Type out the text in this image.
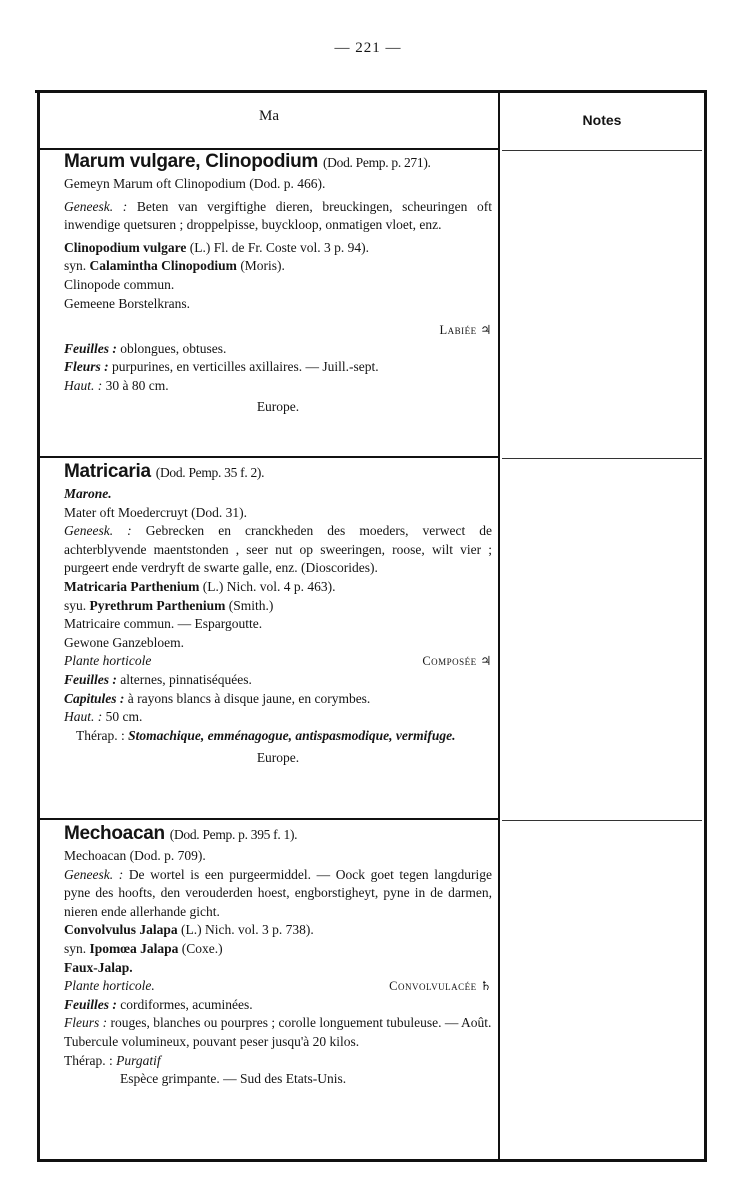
— 221 —
Ma	Notes

Marum vulgare, Clinopodium (Dod. Pemp. p. 271).

Gemeyn Marum oft Clinopodium (Dod. p. 466).

Geneesk. : Beten van vergiftighe dieren, breuckingen, scheuringen oft inwendige quetsuren ; droppelpisse, buyckloop, onmatigen vloet, enz.

Clinopodium vulgare (L.) Fl. de Fr. Coste vol. 3 p. 94).

syn. Calamintha Clinopodium (Moris).

Clinopode commun.

Gemeene Borstelkrans.

Labiée ♃

Feuilles : oblongues, obtuses.

Fleurs : purpurines, en verticilles axillaires. — Juill.-sept.

Haut. : 30 à 80 cm.

Europe.

Matricaria (Dod. Pemp. 35 f. 2).

Marone.

Mater oft Moedercruyt (Dod. 31).

Geneesk. : Gebrecken en cranckheden des moeders, verwect de achterblyvende maentstonden , seer nut op sweeringen, roose, wilt vier ; purgeert ende verdryft de swarte galle, enz. (Dioscorides).

Matricaria Parthenium (L.) Nich. vol. 4 p. 463).

syu. Pyrethrum Parthenium (Smith.)

Matricaire commun. — Espargoutte.

Gewone Ganzebloem.

Plante horticole	Composée ♃

Feuilles : alternes, pinnatiséquées.

Capitules : à rayons blancs à disque jaune, en corymbes.

Haut. : 50 cm.

Thérap. : Stomachique, emménagogue, antispasmodique, vermifuge.

Europe.

Mechoacan (Dod. Pemp. p. 395 f. 1).

Mechoacan (Dod. p. 709).

Geneesk. : De wortel is een purgeermiddel. — Oock goet tegen langdurige pyne des hoofts, den verouderden hoest, engborstigheyt, pyne in de darmen, nieren ende allerhande gicht.

Convolvulus Jalapa (L.) Nich. vol. 3 p. 738).

syn. Ipomœa Jalapa (Coxe.)

Faux-Jalap.

Plante horticole.	Convolvulacée ♄

Feuilles : cordiformes, acuminées.

Fleurs : rouges, blanches ou pourpres ; corolle longuement tubuleuse. — Août.

Tubercule volumineux, pouvant peser jusqu'à 20 kilos.

Thérap. : Purgatif

Espèce grimpante. — Sud des Etats-Unis.
